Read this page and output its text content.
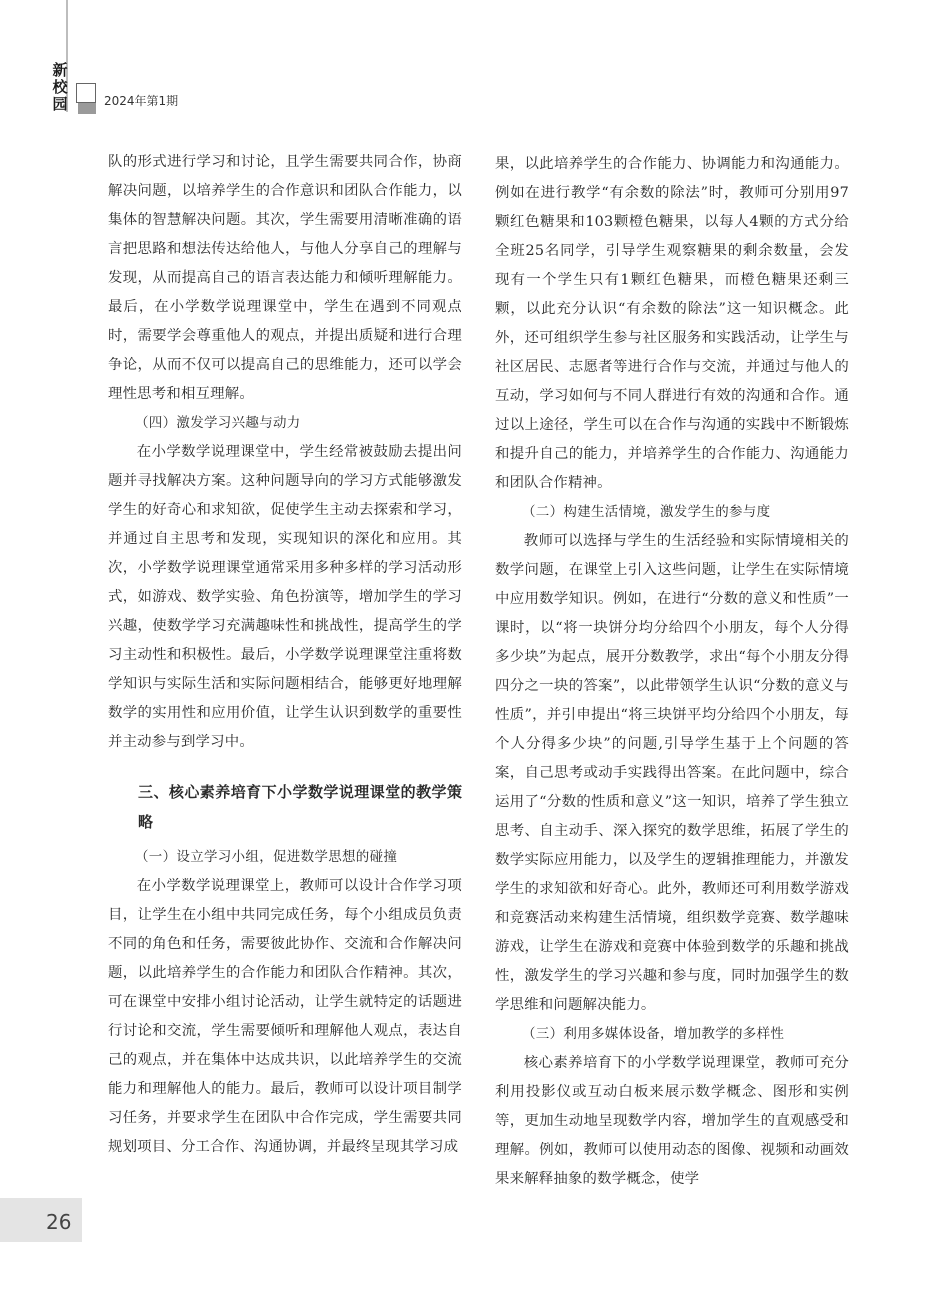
新
校
园	2024年第1期

队的形式进行学习和讨论，且学生需要共同合作，协商解决问题，以培养学生的合作意识和团队合作能力，以集体的智慧解决问题。其次，学生需要用清晰准确的语言把思路和想法传达给他人，与他人分享自己的理解与发现，从而提高自己的语言表达能力和倾听理解能力。最后，在小学数学说理课堂中，学生在遇到不同观点时，需要学会尊重他人的观点，并提出质疑和进行合理争论，从而不仅可以提高自己的思维能力，还可以学会理性思考和相互理解。

（四）激发学习兴趣与动力

在小学数学说理课堂中，学生经常被鼓励去提出问题并寻找解决方案。这种问题导向的学习方式能够激发学生的好奇心和求知欲，促使学生主动去探索和学习，并通过自主思考和发现，实现知识的深化和应用。其次，小学数学说理课堂通常采用多种多样的学习活动形式，如游戏、数学实验、角色扮演等，增加学生的学习兴趣，使数学学习充满趣味性和挑战性，提高学生的学习主动性和积极性。最后，小学数学说理课堂注重将数学知识与实际生活和实际问题相结合，能够更好地理解数学的实用性和应用价值，让学生认识到数学的重要性并主动参与到学习中。

三、核心素养培育下小学数学说理课堂的教学策略

（一）设立学习小组，促进数学思想的碰撞

在小学数学说理课堂上，教师可以设计合作学习项目，让学生在小组中共同完成任务，每个小组成员负责不同的角色和任务，需要彼此协作、交流和合作解决问题，以此培养学生的合作能力和团队合作精神。其次，可在课堂中安排小组讨论活动，让学生就特定的话题进行讨论和交流，学生需要倾听和理解他人观点，表达自己的观点，并在集体中达成共识，以此培养学生的交流能力和理解他人的能力。最后，教师可以设计项目制学习任务，并要求学生在团队中合作完成，学生需要共同规划项目、分工合作、沟通协调，并最终呈现其学习成

果，以此培养学生的合作能力、协调能力和沟通能力。例如在进行教学“有余数的除法”时，教师可分别用97颗红色糖果和103颗橙色糖果，以每人4颗的方式分给全班25名同学，引导学生观察糖果的剩余数量，会发现有一个学生只有1颗红色糖果，而橙色糖果还剩三颗，以此充分认识“有余数的除法”这一知识概念。此外，还可组织学生参与社区服务和实践活动，让学生与社区居民、志愿者等进行合作与交流，并通过与他人的互动，学习如何与不同人群进行有效的沟通和合作。通过以上途径，学生可以在合作与沟通的实践中不断锻炼和提升自己的能力，并培养学生的合作能力、沟通能力和团队合作精神。

（二）构建生活情境，激发学生的参与度

教师可以选择与学生的生活经验和实际情境相关的数学问题，在课堂上引入这些问题，让学生在实际情境中应用数学知识。例如，在进行“分数的意义和性质”一课时，以“将一块饼分均分给四个小朋友，每个人分得多少块”为起点，展开分数教学，求出“每个小朋友分得四分之一块的答案”，以此带领学生认识“分数的意义与性质”，并引申提出“将三块饼平均分给四个小朋友，每个人分得多少块”的问题,引导学生基于上个问题的答案，自己思考或动手实践得出答案。在此问题中，综合运用了“分数的性质和意义”这一知识，培养了学生独立思考、自主动手、深入探究的数学思维，拓展了学生的数学实际应用能力，以及学生的逻辑推理能力，并激发学生的求知欲和好奇心。此外，教师还可利用数学游戏和竞赛活动来构建生活情境，组织数学竞赛、数学趣味游戏，让学生在游戏和竞赛中体验到数学的乐趣和挑战性，激发学生的学习兴趣和参与度，同时加强学生的数学思维和问题解决能力。

（三）利用多媒体设备，增加教学的多样性

核心素养培育下的小学数学说理课堂，教师可充分利用投影仪或互动白板来展示数学概念、图形和实例等，更加生动地呈现数学内容，增加学生的直观感受和理解。例如，教师可以使用动态的图像、视频和动画效果来解释抽象的数学概念，使学

26
